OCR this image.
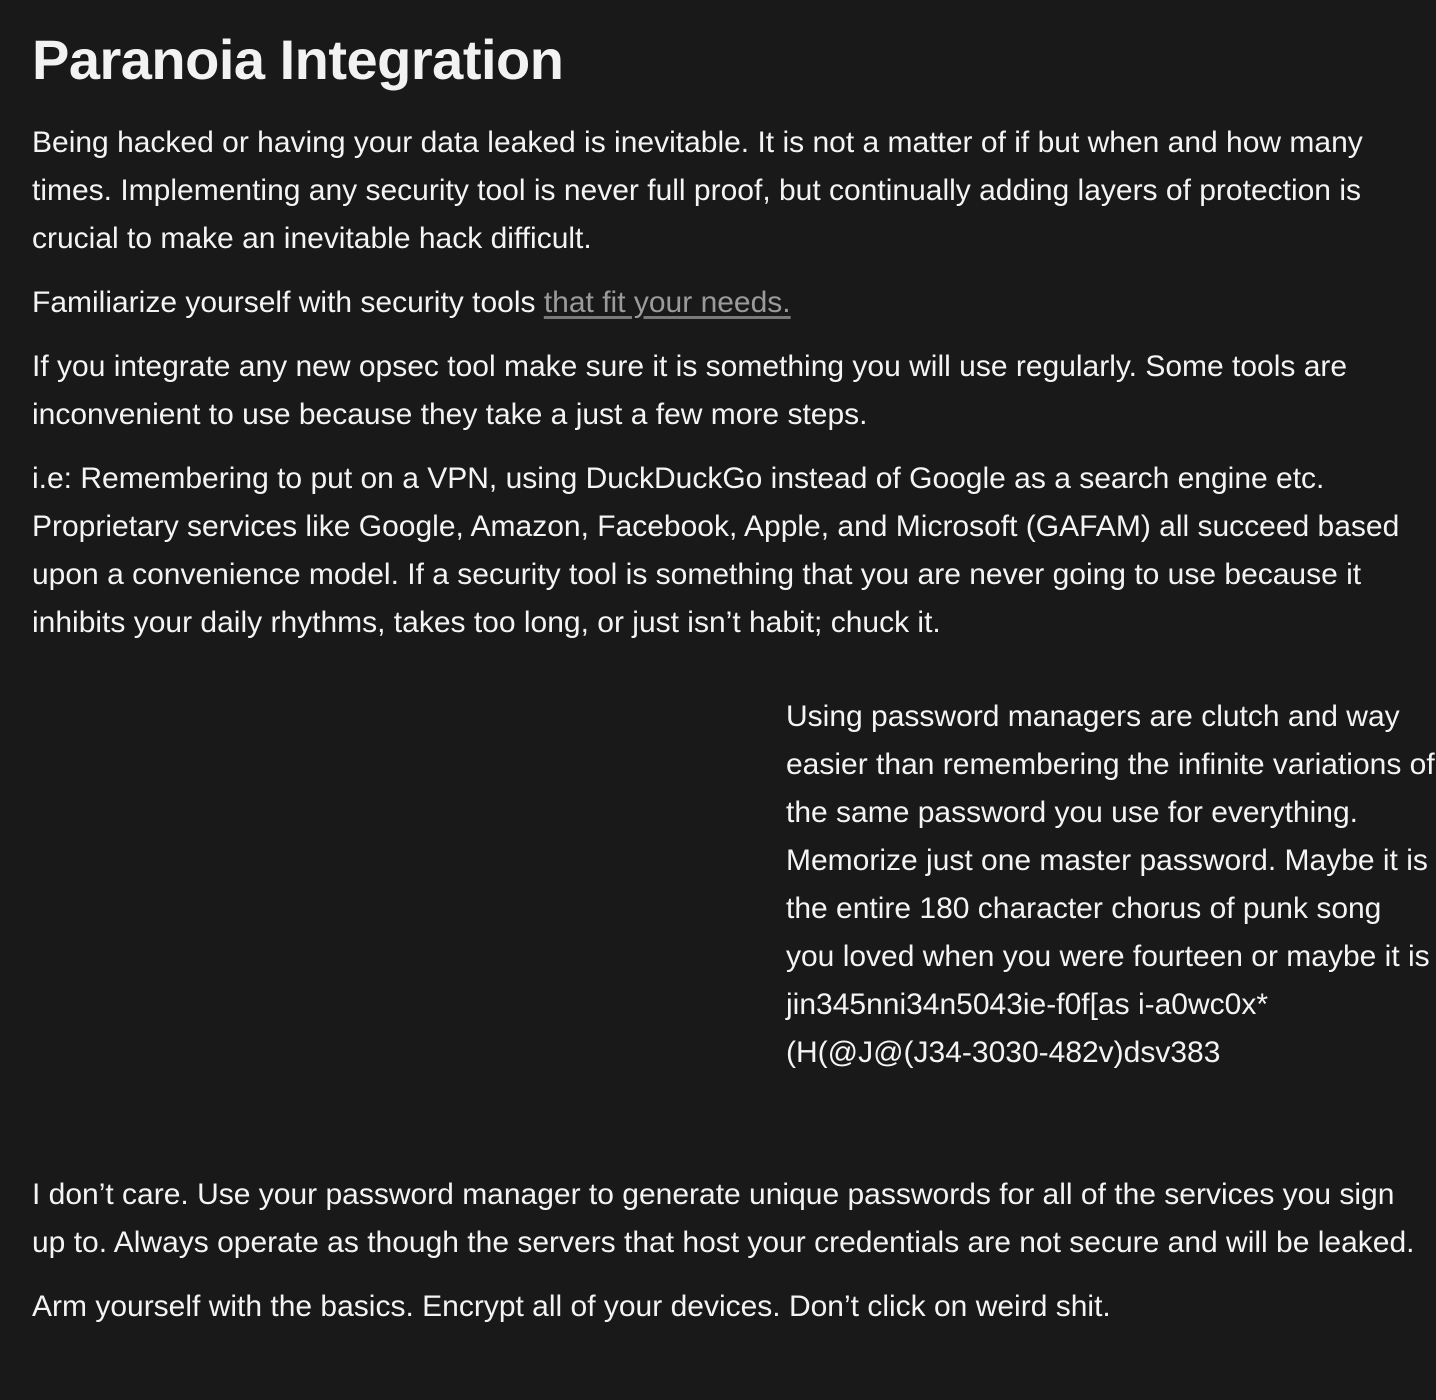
Paranoia Integration

Being hacked or having your data leaked is inevitable. It is not a matter of if but when and how many times. Implementing any security tool is never full proof, but continually adding layers of protection is crucial to make an inevitable hack difficult.

Familiarize yourself with security tools that fit your needs.

If you integrate any new opsec tool make sure it is something you will use regularly. Some tools are inconvenient to use because they take a just a few more steps.

i.e: Remembering to put on a VPN, using DuckDuckGo instead of Google as a search engine etc. Proprietary services like Google, Amazon, Facebook, Apple, and Microsoft (GAFAM) all succeed based upon a convenience model. If a security tool is something that you are never going to use because it inhibits your daily rhythms, takes too long, or just isn’t habit; chuck it.

Using password managers are clutch and way easier than remembering the infinite variations of the same password you use for everything. Memorize just one master password. Maybe it is the entire 180 character chorus of punk song you loved when you were fourteen or maybe it is jin345nni34n5043ie-f0f[as i-a0wc0x*(H(@J@(J34-3030-482v)dsv383

I don’t care. Use your password manager to generate unique passwords for all of the services you sign up to. Always operate as though the servers that host your credentials are not secure and will be leaked.

Arm yourself with the basics. Encrypt all of your devices. Don’t click on weird shit.
